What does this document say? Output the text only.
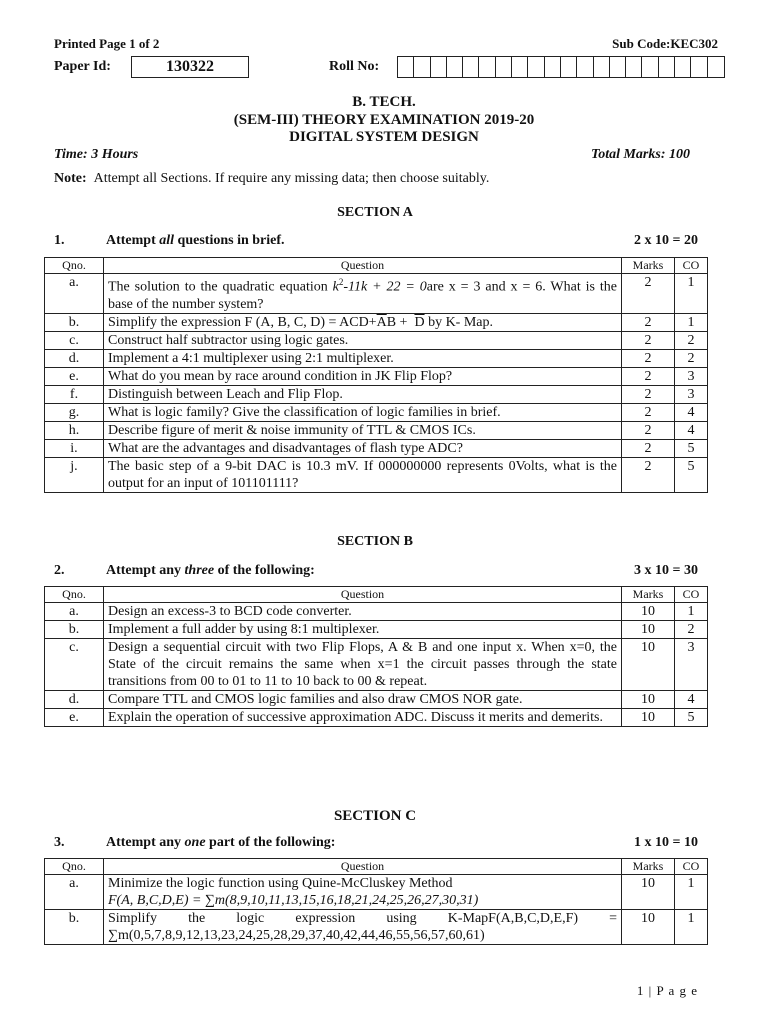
Printed Page 1 of 2	Sub Code:KEC302
Paper Id:	130322	Roll No:
B. TECH.
(SEM-III) THEORY EXAMINATION 2019-20
DIGITAL SYSTEM DESIGN
Time: 3 Hours	Total Marks: 100
Note: Attempt all Sections. If require any missing data; then choose suitably.
SECTION A
1.	Attempt all questions in brief.	2 x 10 = 20
Qno.	Question	Marks	CO
a.	The solution to the quadratic equation $k^2-11k + 22 = 0are$ x = 3 and x = 6. What is the base of the number system?	2	1
b.	Simplify the expression F (A, B, C, $D) = ACD+\overline{A}B + \overline{D}$ by K- Map.	2	1
c.	Construct half subtractor using logic gates.	2	2
d.	Implement a 4:1 multiplexer using 2:1 multiplexer.	2	2
e.	What do you mean by race around condition in JK Flip Flop?	2	3
f.	Distinguish between Leach and Flip Flop.	2	3
g.	What is logic family? Give the classification of logic families in brief.	2	4
h.	Describe figure of merit & noise immunity of TTL & CMOS ICs.	2	4
i.	What are the advantages and disadvantages of flash type ADC?	2	5
j.	The basic step of a 9-bit DAC is 10.3 mV. If 000000000 represents 0Volts, what is the output for an input of 101101111?	2	5
SECTION B
2.	Attempt any three of the following:	3 x 10 = 30
Qno.	Question	Marks	CO
a.	Design an excess-3 to BCD code converter.	10	1
b.	Implement a full adder by using 8:1 multiplexer.	10	2
c.	Design a sequential circuit with two Flip Flops, A & B and one input x. When x=0, the State of the circuit remains the same when x=1 the circuit passes through the state transitions from 00 to 01 to 11 to 10 back to 00 & repeat.	10	3
d.	Compare TTL and CMOS logic families and also draw CMOS NOR gate.	10	4
e.	Explain the operation of successive approximation ADC. Discuss it merits and demerits.	10	5
SECTION C
3.	Attempt any one part of the following:	1 x 10 = 10
Qno.	Question	Marks	CO
a.	Minimize the logic function using Quine-McCluskey Method
F(A, B,C,D,E) = ∑m(8,9,10,11,13,15,16,18,21,24,25,26,27,30,31)	10	1
b.	Simplify the logic expression using K-MapF(A,B,C,D,E,F) =
∑m(0,5,7,8,9,12,13,23,24,25,28,29,37,40,42,44,46,55,56,57,60,61)	10	1
1 | P a g e
